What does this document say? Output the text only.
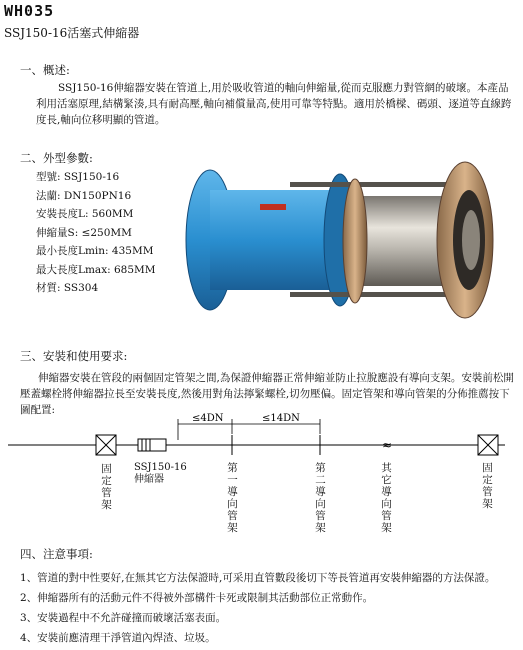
WH035
SSJ150-16活塞式伸縮器
一、概述:
SSJ150-16伸縮器安裝在管道上,用於吸收管道的軸向伸縮量,從而克服應力對管網的破壞。本產品利用活塞原理,結構緊湊,具有耐高壓,軸向補償量高,使用可靠等特點。適用於橋樑、碼頭、逐道等直線跨度長,軸向位移明顯的管道。
二、外型參數:
型號: SSJ150-16
法蘭: DN150PN16
安裝長度L: 560MM
伸縮量S: ≤250MM
最小長度Lmin: 435MM
最大長度Lmax: 685MM
材質: SS304
三、安裝和使用要求:
伸縮器安裝在管段的兩個固定管架之間,為保證伸縮器正常伸縮並防止拉脫應設有導向支架。安裝前松開壓蓋螺栓將伸縮器拉長至安裝長度,然後用對角法擰緊螺栓,切勿壓偏。固定管架和導向管架的分佈推薦按下圖配置:
≈
≤4DN	≤14DN
固定管架
SSJ150-16伸縮器
第一導向管架
第二導向管架
其它導向管架
固定管架
四、注意事項:
1、管道的對中性要好,在無其它方法保證時,可采用直管數段後切下等長管道再安裝伸縮器的方法保證。
2、伸縮器所有的活動元件不得被外部構件卡死或限制其活動部位正常動作。
3、安裝過程中不允許碰撞而破壞活塞表面。
4、安裝前應清理干淨管道內焊渣、垃圾。
